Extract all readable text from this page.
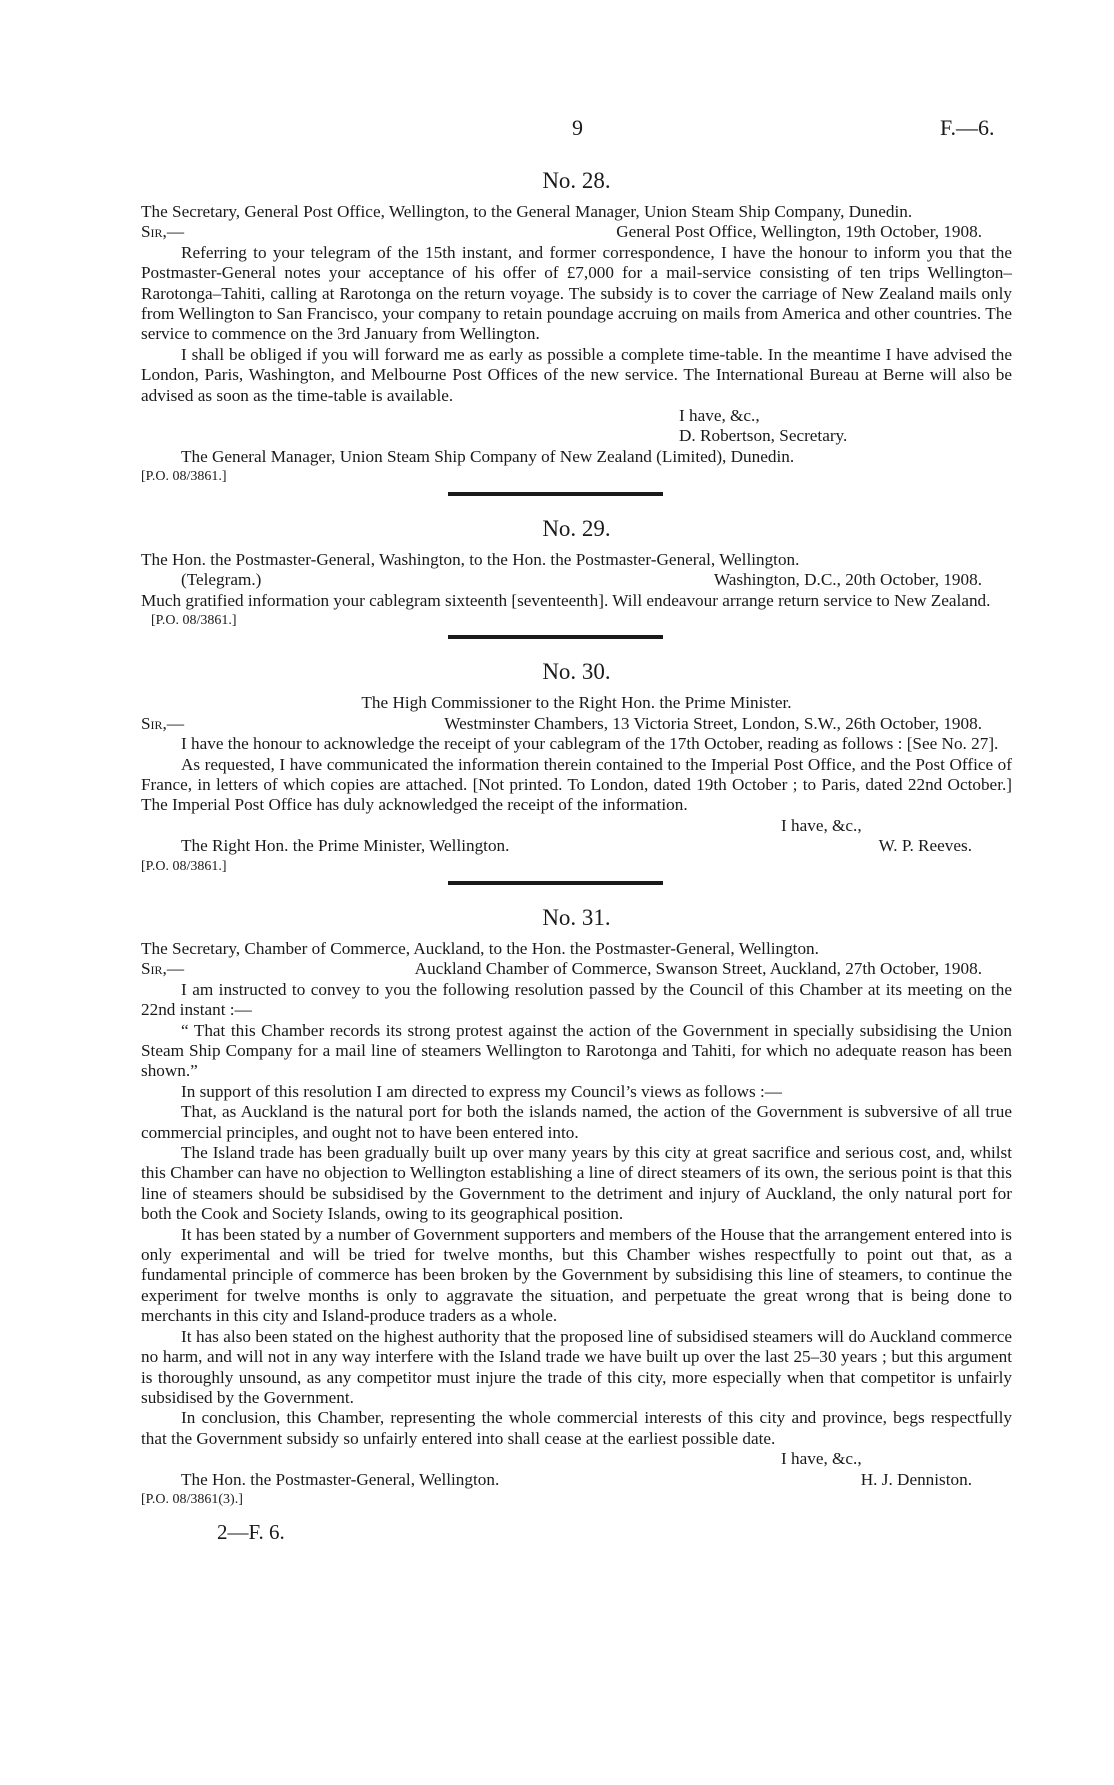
9	F.—6.
No. 28.

The Secretary, General Post Office, Wellington, to the General Manager, Union Steam Ship Company, Dunedin.

Sir,—	General Post Office, Wellington, 19th October, 1908.

Referring to your telegram of the 15th instant, and former correspondence, I have the honour to inform you that the Postmaster-General notes your acceptance of his offer of £7,000 for a mail-service consisting of ten trips Wellington–Rarotonga–Tahiti, calling at Rarotonga on the return voyage. The subsidy is to cover the carriage of New Zealand mails only from Wellington to San Francisco, your company to retain poundage accruing on mails from America and other countries. The service to commence on the 3rd January from Wellington.

I shall be obliged if you will forward me as early as possible a complete time-table. In the meantime I have advised the London, Paris, Washington, and Melbourne Post Offices of the new service. The International Bureau at Berne will also be advised as soon as the time-table is available.

I have, &c.,
D. Robertson, Secretary.
The General Manager, Union Steam Ship Company of New Zealand (Limited), Dunedin.
[P.O. 08/3861.]
No. 29.

The Hon. the Postmaster-General, Washington, to the Hon. the Postmaster-General, Wellington.

(Telegram.)	Washington, D.C., 20th October, 1908.

Much gratified information your cablegram sixteenth [seventeenth]. Will endeavour arrange return service to New Zealand.

[P.O. 08/3861.]
No. 30.

The High Commissioner to the Right Hon. the Prime Minister.

Sir,—	Westminster Chambers, 13 Victoria Street, London, S.W., 26th October, 1908.

I have the honour to acknowledge the receipt of your cablegram of the 17th October, reading as follows : [See No. 27].

As requested, I have communicated the information therein contained to the Imperial Post Office, and the Post Office of France, in letters of which copies are attached. [Not printed. To London, dated 19th October ; to Paris, dated 22nd October.] The Imperial Post Office has duly acknowledged the receipt of the information.

I have, &c.,
The Right Hon. the Prime Minister, Wellington.	W. P. Reeves.
[P.O. 08/3861.]
No. 31.

The Secretary, Chamber of Commerce, Auckland, to the Hon. the Postmaster-General, Wellington.

Sir,—	Auckland Chamber of Commerce, Swanson Street, Auckland, 27th October, 1908.

I am instructed to convey to you the following resolution passed by the Council of this Chamber at its meeting on the 22nd instant :—

“ That this Chamber records its strong protest against the action of the Government in specially subsidising the Union Steam Ship Company for a mail line of steamers Wellington to Rarotonga and Tahiti, for which no adequate reason has been shown.”

In support of this resolution I am directed to express my Council’s views as follows :—

That, as Auckland is the natural port for both the islands named, the action of the Government is subversive of all true commercial principles, and ought not to have been entered into.

The Island trade has been gradually built up over many years by this city at great sacrifice and serious cost, and, whilst this Chamber can have no objection to Wellington establishing a line of direct steamers of its own, the serious point is that this line of steamers should be subsidised by the Government to the detriment and injury of Auckland, the only natural port for both the Cook and Society Islands, owing to its geographical position.

It has been stated by a number of Government supporters and members of the House that the arrangement entered into is only experimental and will be tried for twelve months, but this Chamber wishes respectfully to point out that, as a fundamental principle of commerce has been broken by the Government by subsidising this line of steamers, to continue the experiment for twelve months is only to aggravate the situation, and perpetuate the great wrong that is being done to merchants in this city and Island-produce traders as a whole.

It has also been stated on the highest authority that the proposed line of subsidised steamers will do Auckland commerce no harm, and will not in any way interfere with the Island trade we have built up over the last 25–30 years ; but this argument is thoroughly unsound, as any competitor must injure the trade of this city, more especially when that competitor is unfairly subsidised by the Government.

In conclusion, this Chamber, representing the whole commercial interests of this city and province, begs respectfully that the Government subsidy so unfairly entered into shall cease at the earliest possible date.

I have, &c.,
The Hon. the Postmaster-General, Wellington.	H. J. Denniston.
[P.O. 08/3861(3).]
2—F. 6.
